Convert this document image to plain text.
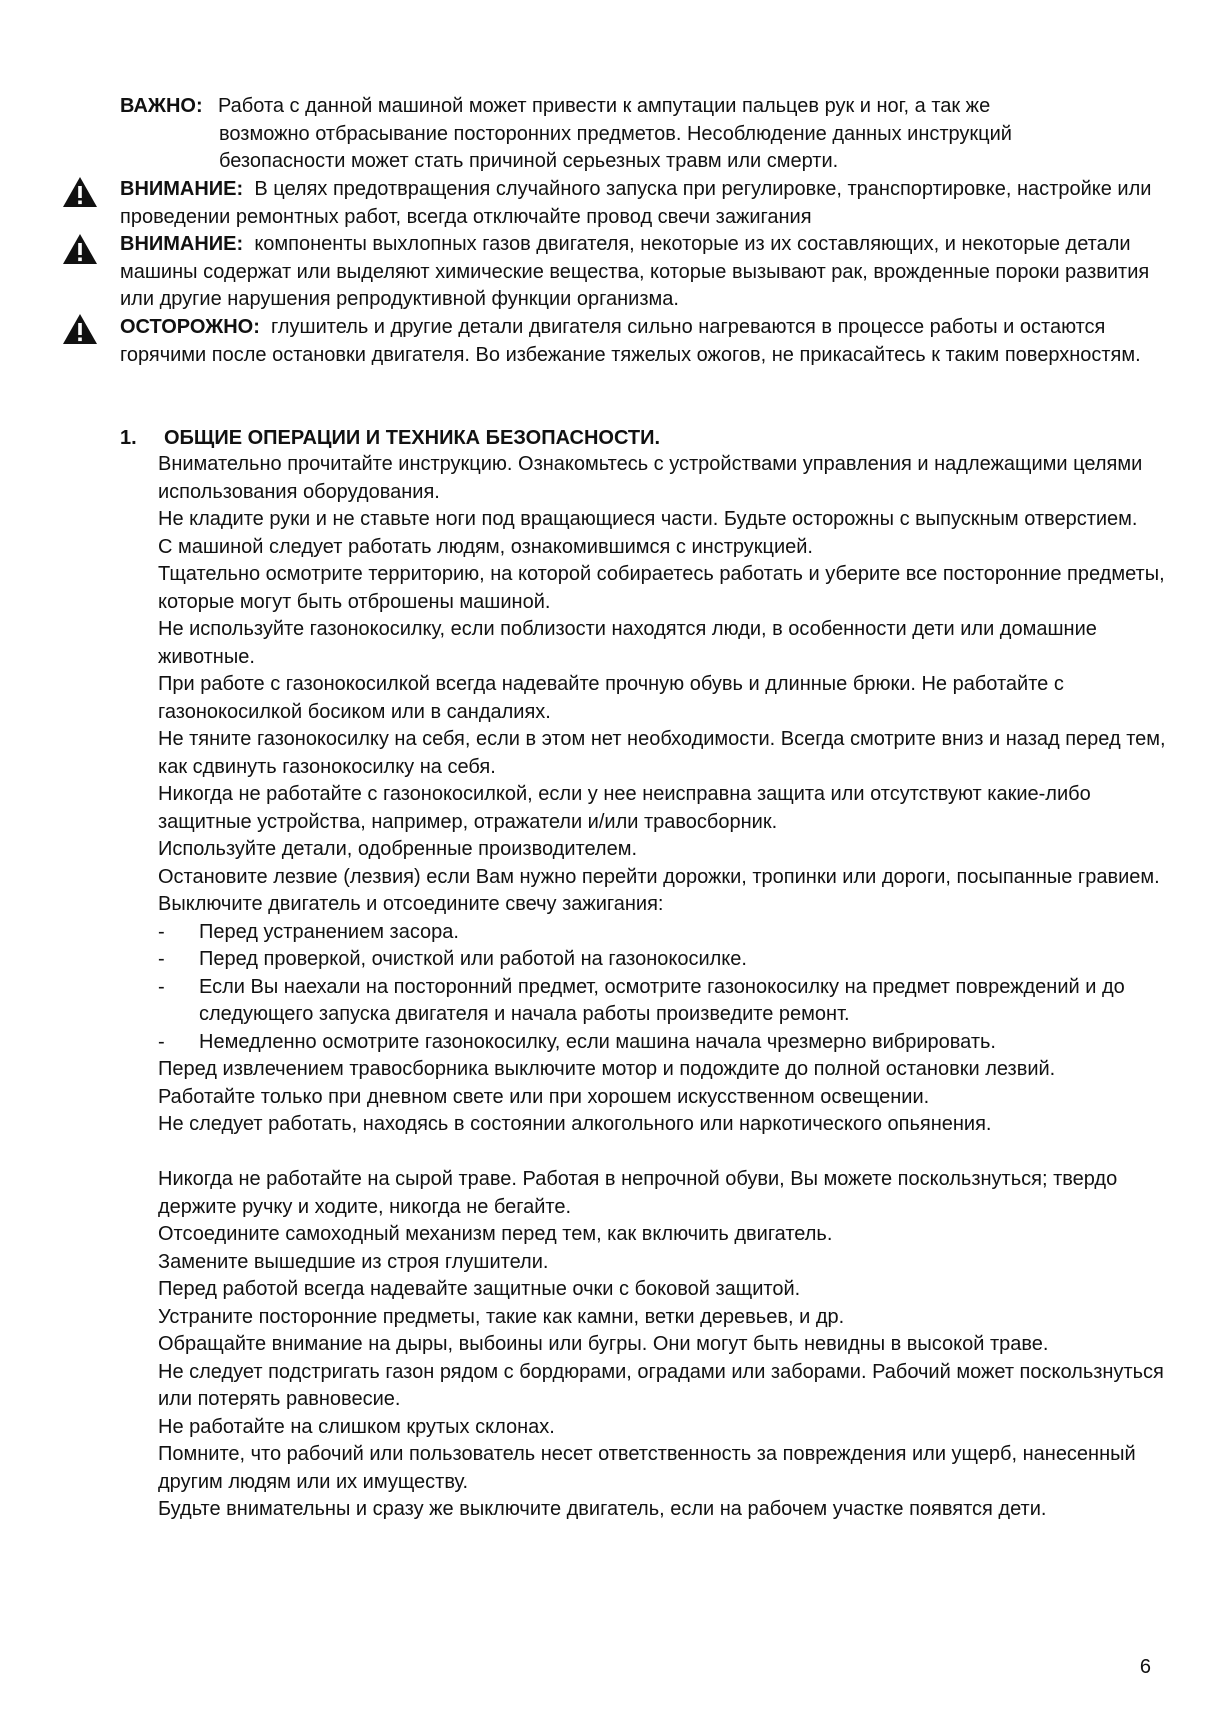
ВАЖНО: Работа с данной машиной может привести к ампутации пальцев рук и ног, а так же
возможно отбрасывание посторонних предметов. Несоблюдение данных инструкций безопасности может стать причиной серьезных травм или смерти.
ВНИМАНИЕ: В целях предотвращения случайного запуска при регулировке, транспортировке, настройке или проведении ремонтных работ, всегда отключайте провод свечи зажигания
ВНИМАНИЕ: компоненты выхлопных газов двигателя, некоторые из их составляющих, и некоторые детали машины содержат или выделяют химические вещества, которые вызывают рак, врожденные пороки развития или другие нарушения репродуктивной функции организма.
ОСТОРОЖНО: глушитель и другие детали двигателя сильно нагреваются в процессе работы и остаются горячими после остановки двигателя. Во избежание тяжелых ожогов, не прикасайтесь к таким поверхностям.
1. ОБЩИЕ ОПЕРАЦИИ И ТЕХНИКА БЕЗОПАСНОСТИ.

Внимательно прочитайте инструкцию. Ознакомьтесь с устройствами управления и надлежащими целями использования оборудования.

Не кладите руки и не ставьте ноги под вращающиеся части. Будьте осторожны с выпускным отверстием.

С машиной следует работать людям, ознакомившимся с инструкцией.

Тщательно осмотрите территорию, на которой собираетесь работать и уберите все посторонние предметы, которые могут быть отброшены машиной.

Не используйте газонокосилку, если поблизости находятся люди, в особенности дети или домашние животные.

При работе с газонокосилкой всегда надевайте прочную обувь и длинные брюки. Не работайте с газонокосилкой босиком или в сандалиях.

Не тяните газонокосилку на себя, если в этом нет необходимости. Всегда смотрите вниз и назад перед тем, как сдвинуть газонокосилку на себя.

Никогда не работайте с газонокосилкой, если у нее неисправна защита или отсутствуют какие-либо защитные устройства, например, отражатели и/или травосборник.

Используйте детали, одобренные производителем.

Остановите лезвие (лезвия) если Вам нужно перейти дорожки, тропинки или дороги, посыпанные гравием.

Выключите двигатель и отсоедините свечу зажигания:

- Перед устранением засора.

- Перед проверкой, очисткой или работой на газонокосилке.

- Если Вы наехали на посторонний предмет, осмотрите газонокосилку на предмет повреждений и до следующего запуска двигателя и начала работы произведите ремонт.

- Немедленно осмотрите газонокосилку, если машина начала чрезмерно вибрировать.

Перед извлечением травосборника выключите мотор и подождите до полной остановки лезвий.

Работайте только при дневном свете или при хорошем искусственном освещении.

Не следует работать, находясь в состоянии алкогольного или наркотического опьянения.

Никогда не работайте на сырой траве. Работая в непрочной обуви, Вы можете поскользнуться; твердо держите ручку и ходите, никогда не бегайте.

Отсоедините самоходный механизм перед тем, как включить двигатель.

Замените вышедшие из строя глушители.

Перед работой всегда надевайте защитные очки с боковой защитой.

Устраните посторонние предметы, такие как камни, ветки деревьев, и др.

Обращайте внимание на дыры, выбоины или бугры. Они могут быть невидны в высокой траве.

Не следует подстригать газон рядом с бордюрами, оградами или заборами. Рабочий может поскользнуться или потерять равновесие.

Не работайте на слишком крутых склонах.

Помните, что рабочий или пользователь несет ответственность за повреждения или ущерб, нанесенный другим людям или их имуществу.

Будьте внимательны и сразу же выключите двигатель, если на рабочем участке появятся дети.

6
